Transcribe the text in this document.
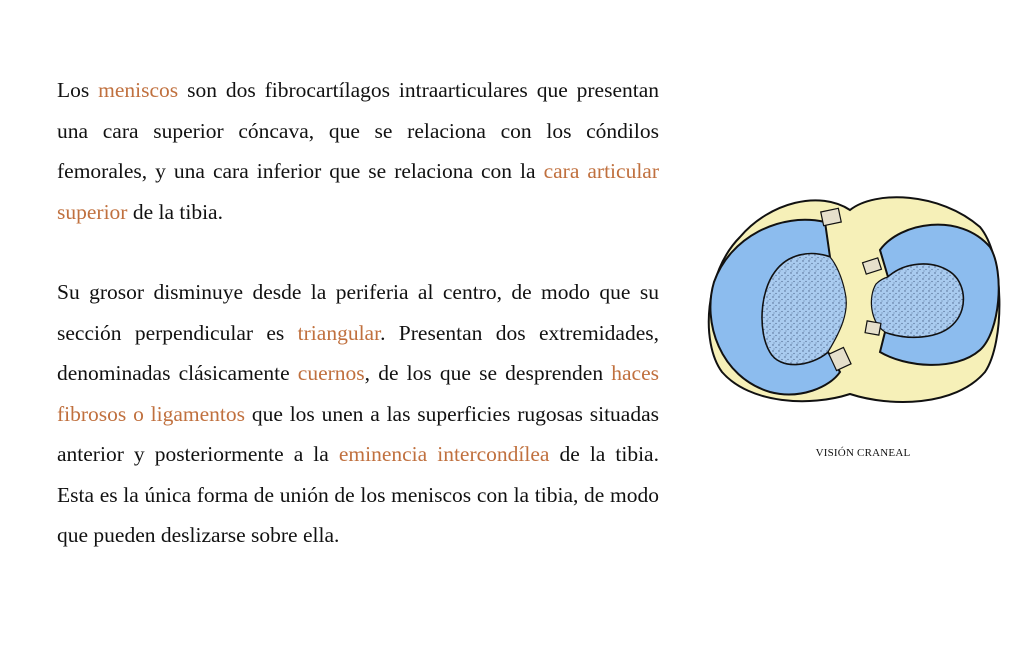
Los meniscos son dos fibrocartílagos intraarticulares que presentan una cara superior cóncava, que se relaciona con los cóndilos femorales, y una cara inferior que se relaciona con la cara articular superior de la tibia.

Su grosor disminuye desde la periferia al centro, de modo que su sección perpendicular es triangular. Presentan dos extremidades, denominadas clásicamente cuernos, de los que se desprenden haces fibrosos o ligamentos que los unen a las superficies rugosas situadas anterior y posteriormente a la eminencia intercondílea de la tibia. Esta es la única forma de unión de los meniscos con la tibia, de modo que pueden deslizarse sobre ella.

VISIÓN CRANEAL
